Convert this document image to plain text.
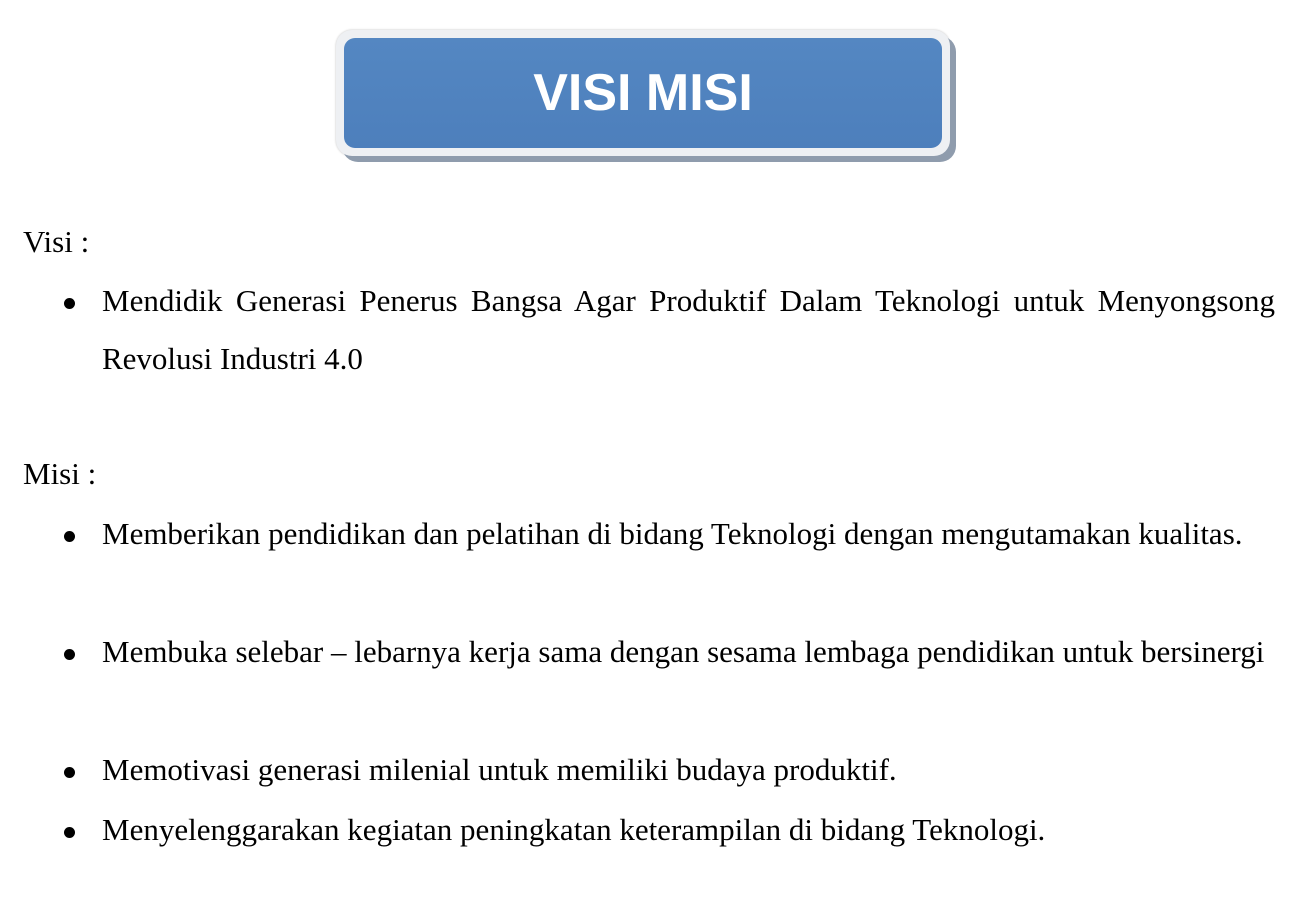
VISI MISI
Visi :
Mendidik Generasi Penerus Bangsa Agar Produktif Dalam Teknologi untuk Menyongsong Revolusi Industri 4.0
Misi :
Memberikan pendidikan dan pelatihan di bidang Teknologi dengan mengutamakan kualitas.
Membuka selebar – lebarnya kerja sama dengan sesama lembaga pendidikan untuk bersinergi
Memotivasi generasi milenial untuk memiliki budaya produktif.
Menyelenggarakan kegiatan peningkatan keterampilan di bidang Teknologi.
